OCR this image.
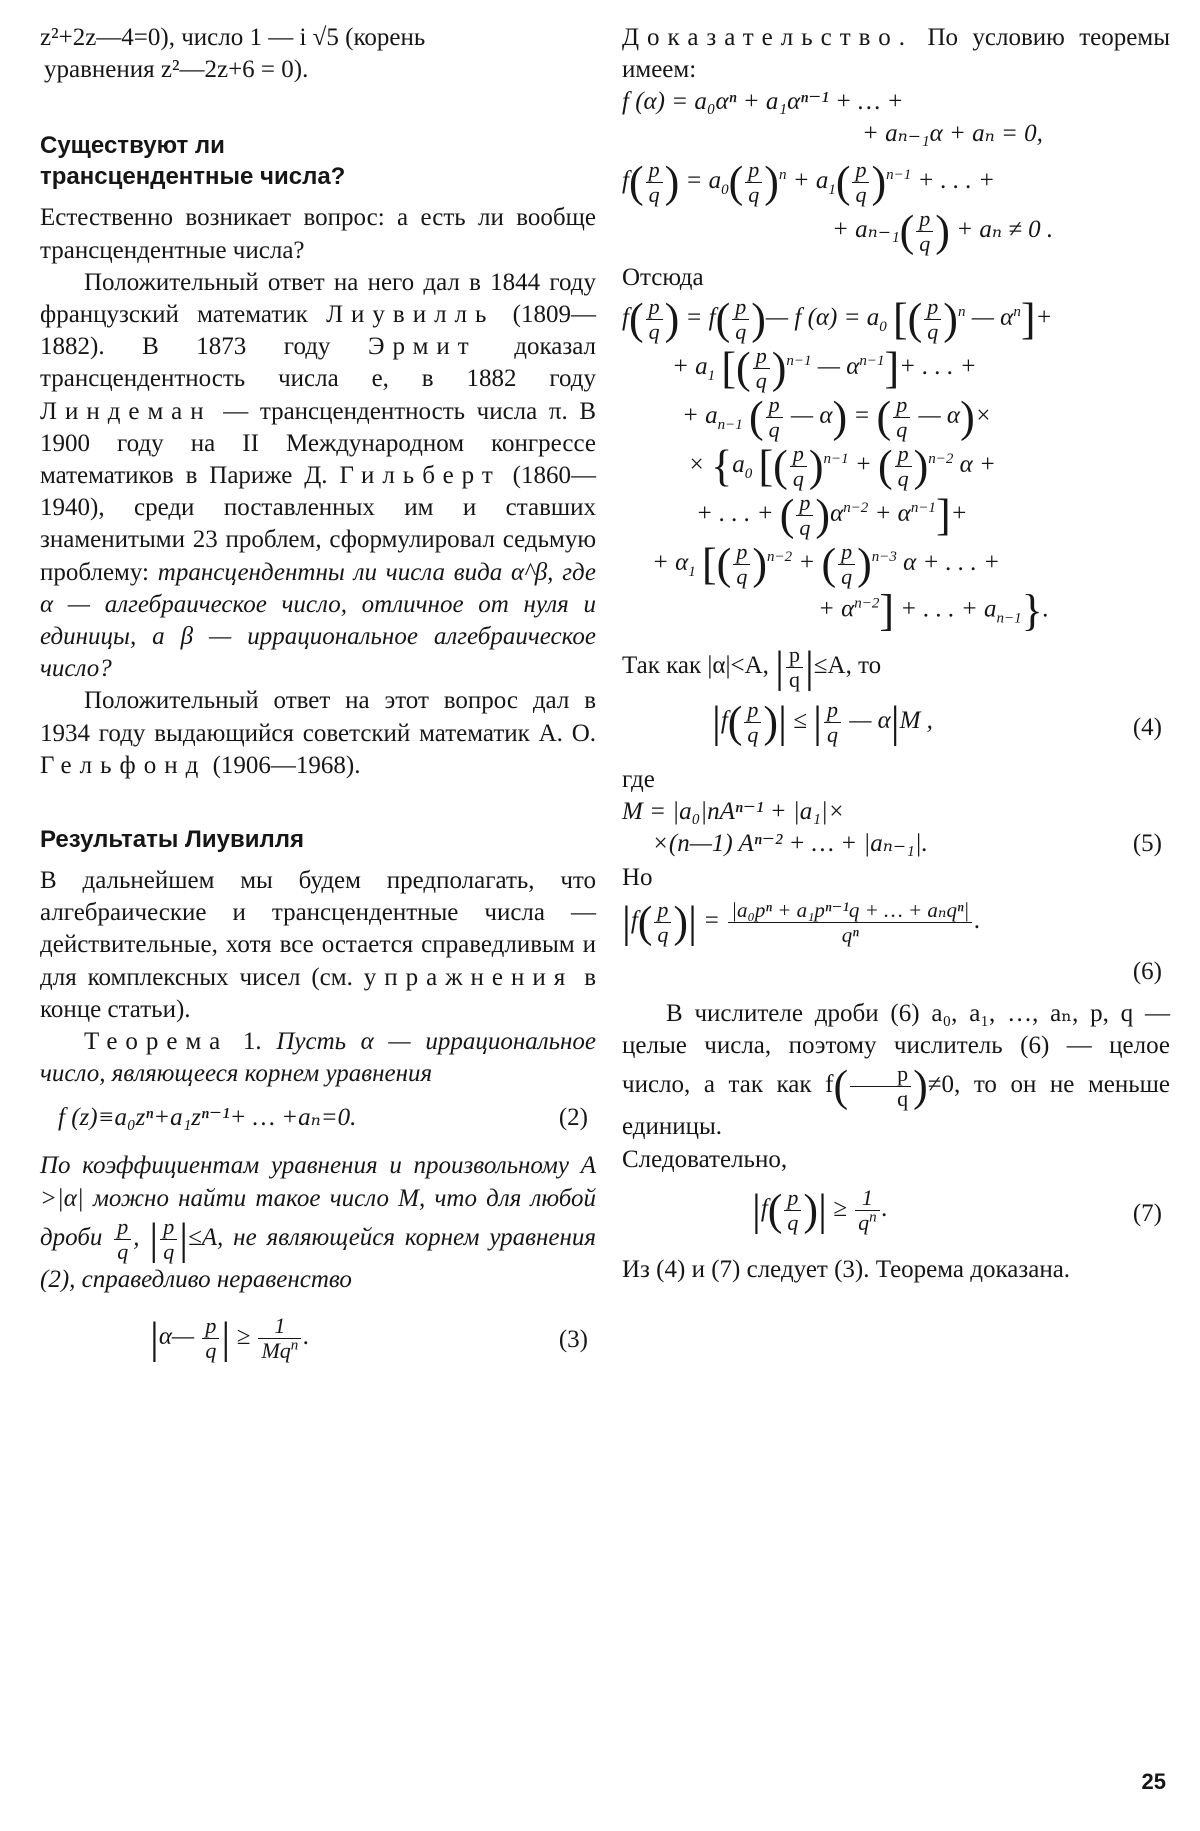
z²+2z—4=0), число 1 — i √5 (корень

уравнения z²—2z+6 = 0).

Существуют ли

трансцендентные числа?

Естественно возникает вопрос: а есть ли вообще трансцендентные числа?

Положительный ответ на него дал в 1844 году французский математик Лиувилль (1809—1882). В 1873 году Эрмит доказал трансцендентность числа e, в 1882 году Линдеман — трансцендентность числа π. В 1900 году на II Международном конгрессе математиков в Париже Д. Гильберт (1860—1940), среди поставленных им и ставших знаменитыми 23 проблем, сформулировал седьмую проблему: трансцендентны ли числа вида α^β, где α — алгебраическое число, отличное от нуля и единицы, а β — иррациональное алгебраическое число?

Положительный ответ на этот вопрос дал в 1934 году выдающийся советский математик А. О. Гельфонд (1906—1968).

Результаты Лиувилля

В дальнейшем мы будем предполагать, что алгебраические и трансцендентные числа — действительные, хотя все остается справедливым и для комплексных чисел (см. упражнения в конце статьи).

Теорема 1. Пусть α — иррациональное число, являющееся корнем уравнения

f (z)≡a₀zⁿ+a₁zⁿ⁻¹+ … +aₙ=0.	(2)

По коэффициентам уравнения и произвольному A >|α| можно найти такое число M, что для любой дроби $\frac{p}{q}$ , | $\frac{p}{q} |\le A$, не являющейся корнем уравнения (2), справедливо неравенство

|α— $\frac{p}{q}$ | ≥ $\frac{1}{Mq^n}$ .	(3)

Доказательство. По условию теоремы имеем:

f (α) = a₀αⁿ + a₁αⁿ⁻¹ + … +

+ aₙ₋₁α + aₙ = 0,

$f( \frac{p}{q}$ ) = $a_0( \frac{p}{q} )^n + a_1( \frac{p}{q} )^{n-1}$ + . . . +

+ $a_{n-1}( \frac{p}{q}$ ) + aₙ ≠ 0 .

Отсюда

$f( \frac{p}{q}$ ) = $f( \frac{p}{q}$ )— f $(\alpha) = a_0$ [( $\frac{p}{q} )^n$ — $\alpha^n]+$

+ $a_1$ [( $\frac{p}{q} )^{n-1}$ — $\alpha^{n-1}]+$ . . . +

+ $a_{n-1}$ ( $\frac{p}{q}$ — α) = ( $\frac{p}{q}$ — α)×

× {$a_0$ [( $\frac{p}{q} )^{n-1}$ + ( $\frac{p}{q} )^{n-2}$ α +

+ . . . + ( $\frac{p}{q} )\alpha^{n-2} + \alpha^{n-1}]+$

+ $\alpha_1$ [( $\frac{p}{q} )^{n-2}$ + ( $\frac{p}{q} )^{n-3}$ α + . . . +

+ $\alpha^{n-2}$] + . . . + $a_{n-1}$}.

Так как |α|<A, | $\frac{p}{q} |\le A$, то

$|f( \frac{p}{q}$ )| ≤ | $\frac{p}{q}$ — α|M ,	(4)

где

M = |a₀|nAⁿ⁻¹ + |a₁|×

×(n—1) Aⁿ⁻² + … + |aₙ₋₁|.	(5)

Но

$|f( \frac{p}{q}$ )| = $\frac{\text{|a₀pⁿ + a₁pⁿ⁻¹q + … + aₙqⁿ|}}{\text{qⁿ}}$ .
(6)

В числителе дроби (6) a₀, a₁, …, aₙ, p, q — целые числа, поэтому числитель (6) — целое число, а так как $f( \frac{p}{q} )\ne 0$, то он не меньше единицы.

Следовательно,

$|f( \frac{p}{q}$ )| ≥ $\frac{1}{q^n}$ .	(7)

Из (4) и (7) следует (3). Теорема доказана.

25
